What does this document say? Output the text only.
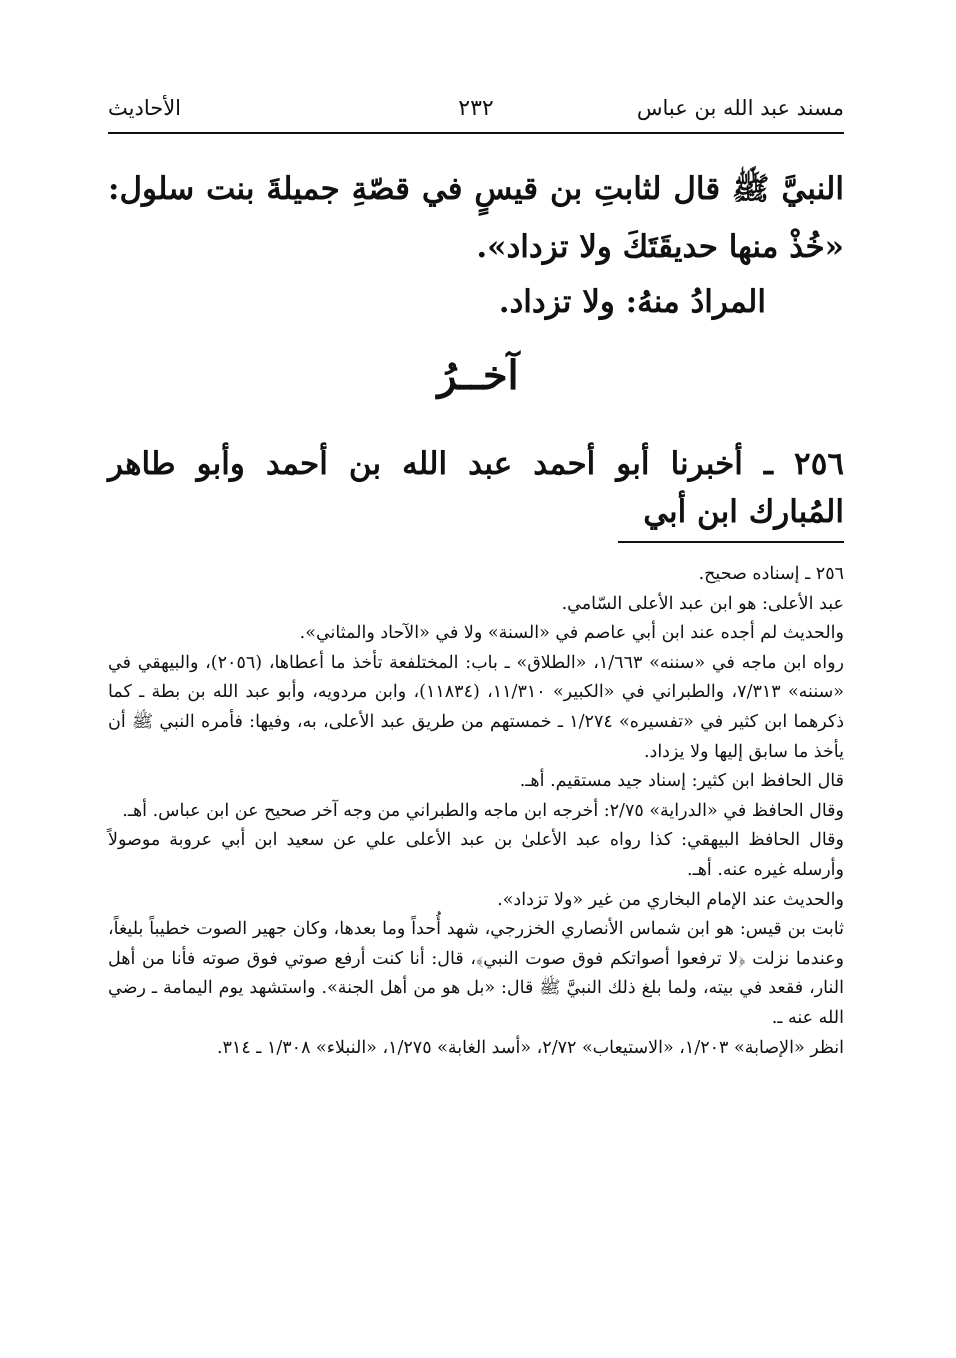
مسند عبد الله بن عباس
٢٣٢
الأحاديث

النبيَّ ﷺ قال لثابتِ بن قيسٍ في قصّةِ جميلةَ بنت سلول: «خُذْ منها حديقَتَكَ ولا تزداد».

المرادُ منهُ: ولا تزداد.

آخــرُ

٢٥٦ ـ أخبرنا أبو أحمد عبد الله بن أحمد وأبو طاهر المُبارك ابن أبي

٢٥٦ ـ إسناده صحيح.

عبد الأعلى: هو ابن عبد الأعلى السّامي.

والحديث لم أجده عند ابن أبي عاصم في «السنة» ولا في «الآحاد والمثاني».

رواه ابن ماجه في «سننه» ١/٦٦٣، «الطلاق» ـ باب: المختلفعة تأخذ ما أعطاها، (٢٠٥٦)، والبيهقي في «سننه» ٧/٣١٣، والطبراني في «الكبير» ١١/٣١٠، (١١٨٣٤)، وابن مردويه، وأبو عبد الله بن بطة ـ كما ذكرهما ابن كثير في «تفسيره» ١/٢٧٤ ـ خمستهم من طريق عبد الأعلى، به، وفيها: فأمره النبي ﷺ أن يأخذ ما سابق إليها ولا يزداد.

قال الحافظ ابن كثير: إسناد جيد مستقيم. أهـ.

وقال الحافظ في «الدراية» ٢/٧٥: أخرجه ابن ماجه والطبراني من وجه آخر صحيح عن ابن عباس. أهـ.

وقال الحافظ البيهقي: كذا رواه عبد الأعلىٰ بن عبد الأعلى علي عن سعيد ابن أبي عروبة موصولاً وأرسله غيره عنه. أهـ.

والحديث عند الإمام البخاري من غير «ولا تزداد».

ثابت بن قيس: هو ابن شماس الأنصاري الخزرجي، شهد أُحداً وما بعدها، وكان جهير الصوت خطيباً بليغاً، وعندما نزلت ﴿لا ترفعوا أصواتكم فوق صوت النبي﴾، قال: أنا كنت أرفع صوتي فوق صوته فأنا من أهل النار، فقعد في بيته، ولما بلغ ذلك النبيَّ ﷺ قال: «بل هو من أهل الجنة». واستشهد يوم اليمامة ـ رضي الله عنه ـ.

انظر «الإصابة» ١/٢٠٣، «الاستيعاب» ٢/٧٢، «أسد الغابة» ١/٢٧٥، «النبلاء» ١/٣٠٨ ـ ٣١٤.
